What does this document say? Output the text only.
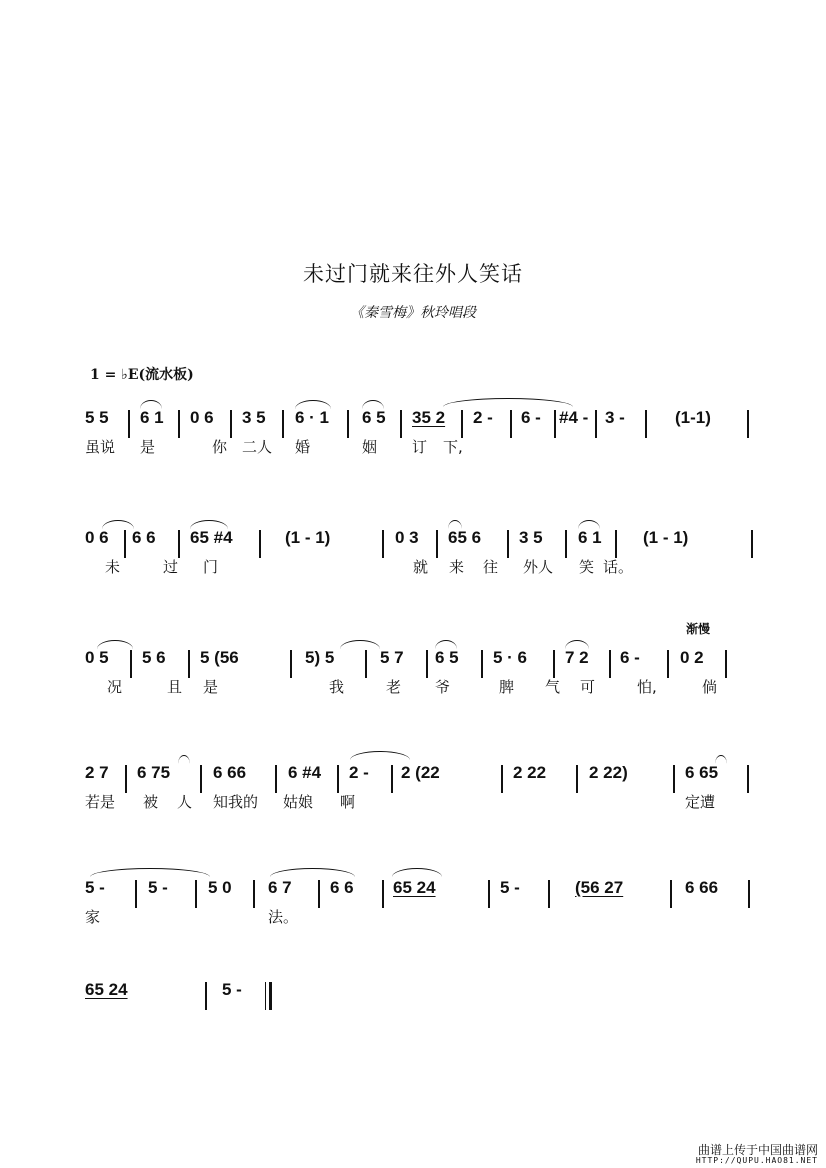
未过门就来往外人笑话
《秦雪梅》秋玲唱段
1 = ♭E(流水板)
5 5 6 1 0 6 3 5 6 · 1 6 5 35 2 2 - 6 - #4 - 3 -	(1-1)
虽说 是	你 二人 婚	姻 订 下,
0 6 6 6 65 #4	(1 - 1)	0 3 65 6 3 5 6 1 (1 - 1)
未	过 门	就 来 往 外人 笑 话。
渐慢
0 5 5 6 5 (56	5) 5	5 7 6 5 5 · 6 7 2 6 - 0 2
况	且 是	我	老 爷	脾 气 可	怕,	倘
2 7 6 75	6 66 6 #4 2 - 2 (22	2 22	2 22)	6 65
若是 被 人 知我的 姑娘 啊	定遭
5 -	5 - 5 0 6 7 6 6 65 24	5 -	(56 27	6 66
家	法。
65 24	5 -
曲谱上传于中国曲谱网
HTTP://QUPU.HAO81.NET
